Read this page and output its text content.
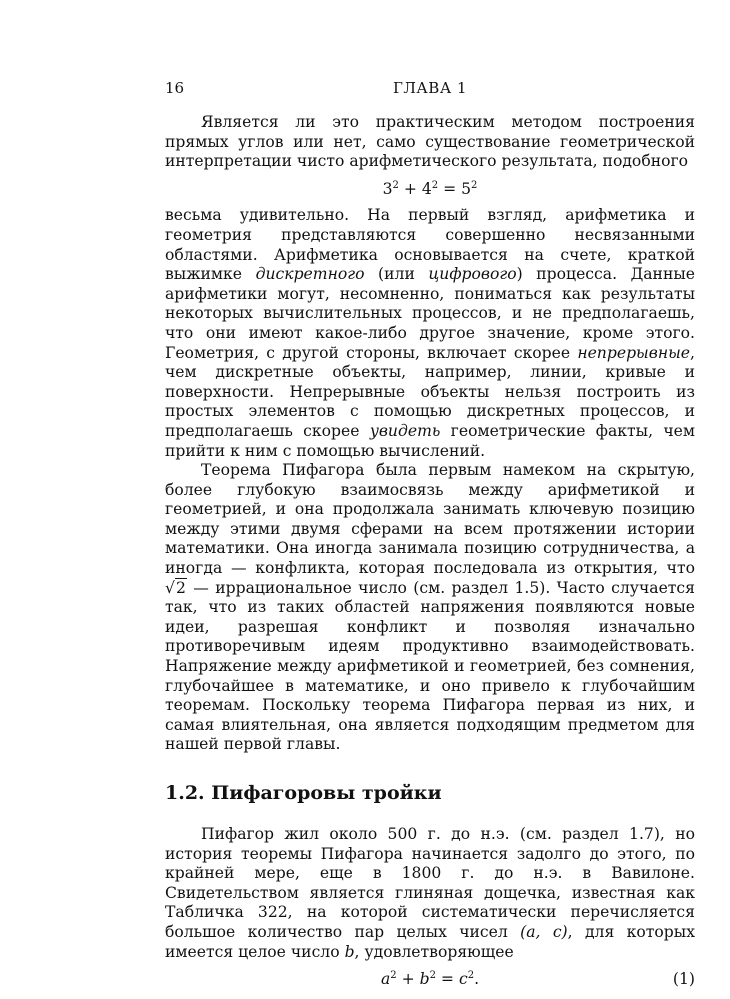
16	ГЛАВА 1

Является ли это практическим методом построения прямых углов или нет, само существование геометрической интерпретации чисто арифметического результата, подобного

$3^2 + 4^2 = 5^2$

весьма удивительно. На первый взгляд, арифметика и геометрия представляются совершенно несвязанными областями. Арифметика основывается на счете, краткой выжимке дискретного (или цифрового) процесса. Данные арифметики могут, несомненно, пониматься как результаты некоторых вычислительных процессов, и не предполагаешь, что они имеют какое-либо другое значение, кроме этого. Геометрия, с другой стороны, включает скорее непрерывные, чем дискретные объекты, например, линии, кривые и поверхности. Непрерывные объекты нельзя построить из простых элементов с помощью дискретных процессов, и предполагаешь скорее увидеть геометрические факты, чем прийти к ним с помощью вычислений.

Теорема Пифагора была первым намеком на скрытую, более глубокую взаимосвязь между арифметикой и геометрией, и она продолжала занимать ключевую позицию между этими двумя сферами на всем протяжении истории математики. Она иногда занимала позицию сотрудничества, а иногда — конфликта, которая последовала из открытия, что √2 — иррациональное число (см. раздел 1.5). Часто случается так, что из таких областей напряжения появляются новые идеи, разрешая конфликт и позволяя изначально противоречивым идеям продуктивно взаимодействовать. Напряжение между арифметикой и геометрией, без сомнения, глубочайшее в математике, и оно привело к глубочайшим теоремам. Поскольку теорема Пифагора первая из них, и самая влиятельная, она является подходящим предметом для нашей первой главы.

1.2. Пифагоровы тройки

Пифагор жил около 500 г. до н.э. (см. раздел 1.7), но история теоремы Пифагора начинается задолго до этого, по крайней мере, еще в 1800 г. до н.э. в Вавилоне. Свидетельством является глиняная дощечка, известная как Табличка 322, на которой систематически перечисляется большое количество пар целых чисел (a, c), для которых имеется целое число b, удовлетворяющее

$a^2 + b^2 = c^2$.	(1)
